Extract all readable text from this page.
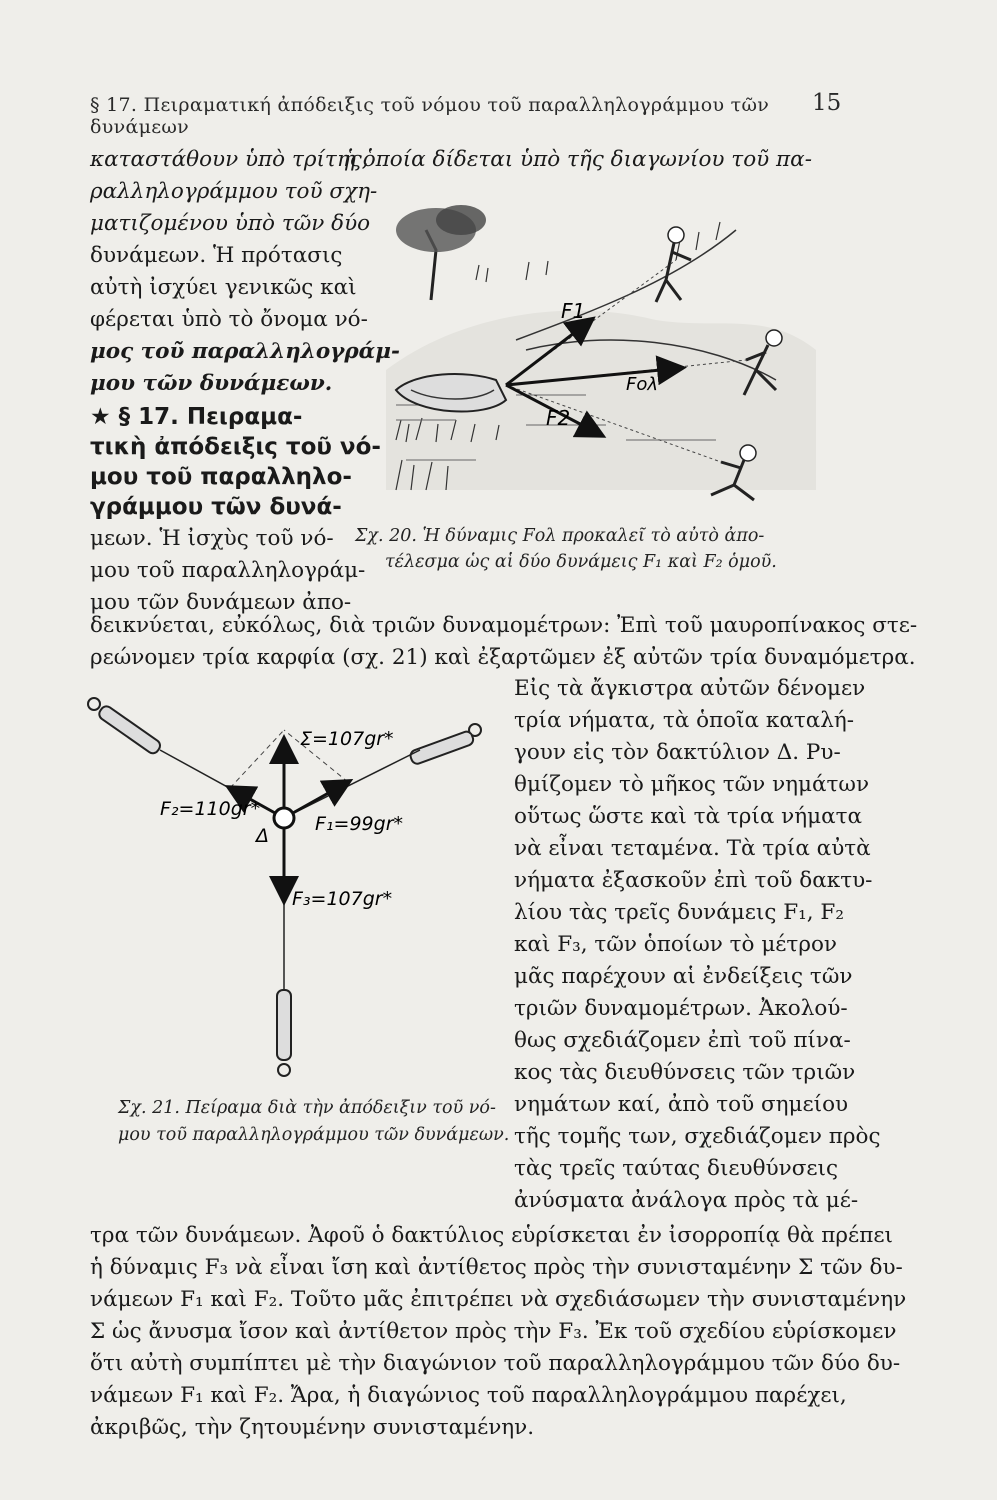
§ 17. Πειραματική ἀπόδειξις τοῦ νόμου τοῦ παραλληλογράμμου τῶν δυνάμεων
15
ἡ ὁποία δίδεται ὑπὸ τῆς διαγωνίου τοῦ πα-
καταστάθουν ὑπὸ τρίτης,
ραλληλογράμμου τοῦ σχη-
ματιζομένου ὑπὸ τῶν δύο
δυνάμεων. Ἡ πρότασις
αὐτὴ ἰσχύει γενικῶς καὶ
φέρεται ὑπὸ τὸ ὄνομα νό-
μος τοῦ παραλληλογράμ-
μου τῶν δυνάμεων.
★ § 17. Πειραμα-
τικὴ ἀπόδειξις τοῦ νό-
μου τοῦ παραλληλο-
γράμμου τῶν δυνά-
μεων. Ἡ ἰσχὺς τοῦ νό-
μου τοῦ παραλληλογράμ-
μου τῶν δυνάμεων ἀπο-
F1
F2
Fολ
Σχ. 20. Ἡ δύναμις Fολ προκαλεῖ τὸ αὐτὸ ἀπο-
τέλεσμα ὡς αἱ δύο δυνάμεις F₁ καὶ F₂ ὁμοῦ.
δεικνύεται, εὐκόλως, διὰ τριῶν δυναμομέτρων: Ἐπὶ τοῦ μαυροπίνακος στε-
ρεώνομεν τρία καρφία (σχ. 21) καὶ ἐξαρτῶμεν ἐξ αὐτῶν τρία δυναμόμετρα.
Σ=107gr*
F₁=99gr*
F₂=110gr*
F₃=107gr*
Δ
Σχ. 21. Πείραμα διὰ τὴν ἀπόδειξιν τοῦ νό-
μου τοῦ παραλληλογράμμου τῶν δυνάμεων.
Εἰς τὰ ἄγκιστρα αὐτῶν δένομεν
τρία νήματα, τὰ ὁποῖα καταλή-
γουν εἰς τὸν δακτύλιον Δ. Ρυ-
θμίζομεν τὸ μῆκος τῶν νημάτων
οὕτως ὥστε καὶ τὰ τρία νήματα
νὰ εἶναι τεταμένα. Τὰ τρία αὐτὰ
νήματα ἐξασκοῦν ἐπὶ τοῦ δακτυ-
λίου τὰς τρεῖς δυνάμεις F₁, F₂
καὶ F₃, τῶν ὁποίων τὸ μέτρον
μᾶς παρέχουν αἱ ἐνδείξεις τῶν
τριῶν δυναμομέτρων. Ἀκολού-
θως σχεδιάζομεν ἐπὶ τοῦ πίνα-
κος τὰς διευθύνσεις τῶν τριῶν
νημάτων καί, ἀπὸ τοῦ σημείου
τῆς τομῆς των, σχεδιάζομεν πρὸς
τὰς τρεῖς ταύτας διευθύνσεις
ἀνύσματα ἀνάλογα πρὸς τὰ μέ-
τρα τῶν δυνάμεων. Ἀφοῦ ὁ δακτύλιος εὑρίσκεται ἐν ἰσορροπίᾳ θὰ πρέπει
ἡ δύναμις F₃ νὰ εἶναι ἴση καὶ ἀντίθετος πρὸς τὴν συνισταμένην Σ τῶν δυ-
νάμεων F₁ καὶ F₂. Τοῦτο μᾶς ἐπιτρέπει νὰ σχεδιάσωμεν τὴν συνισταμένην
Σ ὡς ἄνυσμα ἴσον καὶ ἀντίθετον πρὸς τὴν F₃. Ἐκ τοῦ σχεδίου εὑρίσκομεν
ὅτι αὐτὴ συμπίπτει μὲ τὴν διαγώνιον τοῦ παραλληλογράμμου τῶν δύο δυ-
νάμεων F₁ καὶ F₂. Ἄρα, ἡ διαγώνιος τοῦ παραλληλογράμμου παρέχει,
ἀκριβῶς, τὴν ζητουμένην συνισταμένην.
